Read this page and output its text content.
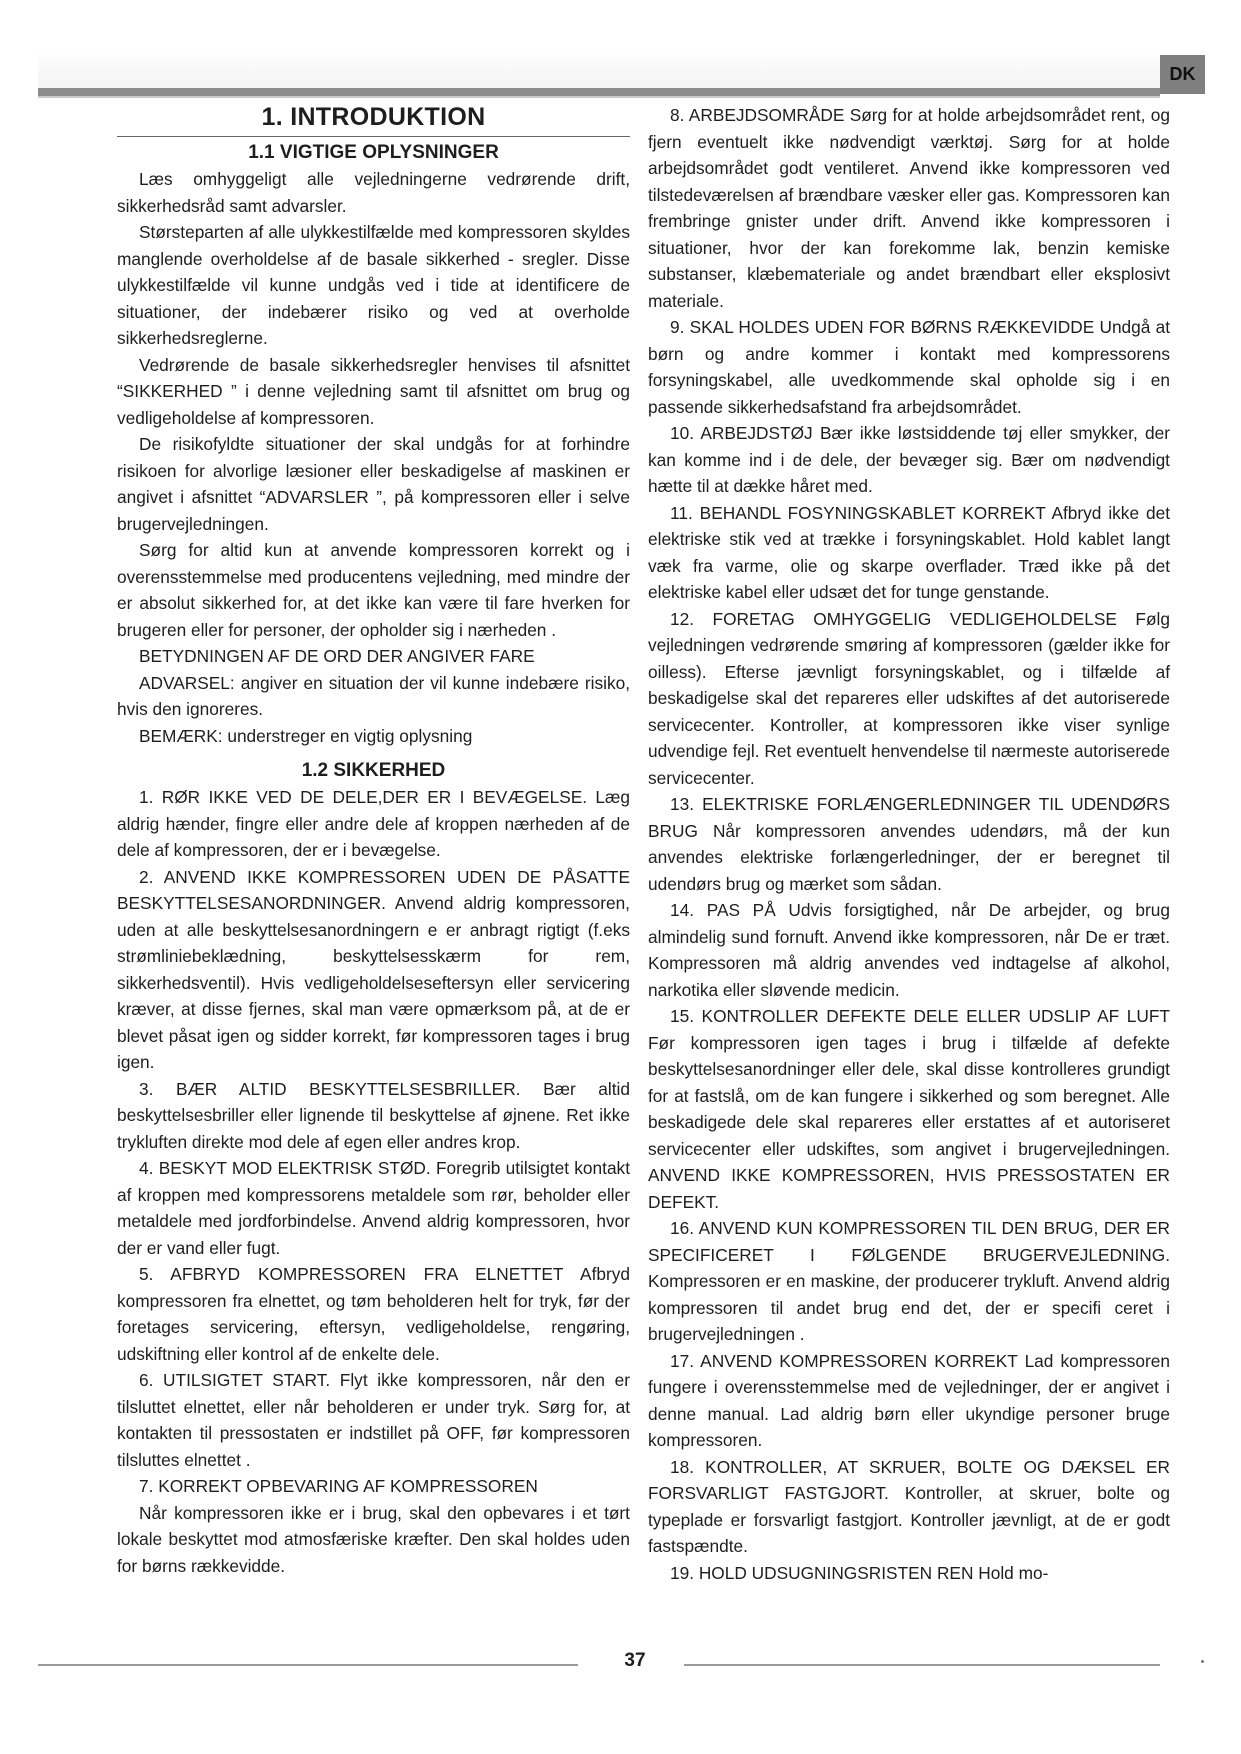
DK
1. INTRODUKTION
1.1 VIGTIGE OPLYSNINGER

Læs omhyggeligt alle vejledningerne vedrørende drift, sikkerhedsråd samt advarsler.

Størsteparten af alle ulykkestilfælde med kompressoren skyldes manglende overholdelse af de basale sikkerhed - sregler. Disse ulykkestilfælde vil kunne undgås ved i tide at identificere de situationer, der indebærer risiko og ved at overholde sikkerhedsreglerne.

Vedrørende de basale sikkerhedsregler henvises til afsnittet “SIKKERHED ” i denne vejledning samt til afsnittet om brug og vedligeholdelse af kompressoren.

De risikofyldte situationer der skal undgås for at forhindre risikoen for alvorlige læsioner eller beskadigelse af maskinen er angivet i afsnittet “ADVARSLER ”, på kompressoren eller i selve brugervejledningen.

Sørg for altid kun at anvende kompressoren korrekt og i overensstemmelse med producentens vejledning, med mindre der er absolut sikkerhed for, at det ikke kan være til fare hverken for brugeren eller for personer, der opholder sig i nærheden .

BETYDNINGEN AF DE ORD DER ANGIVER FARE

ADVARSEL: angiver en situation der vil kunne indebære risiko, hvis den ignoreres.

BEMÆRK: understreger en vigtig oplysning

1.2 SIKKERHED

1. RØR IKKE VED DE DELE,DER ER I BEVÆGELSE. Læg aldrig hænder, fingre eller andre dele af kroppen nærheden af de dele af kompressoren, der er i bevægelse.

2. ANVEND IKKE KOMPRESSOREN UDEN DE PÅSATTE BESKYTTELSESANORDNINGER. Anvend aldrig kompressoren, uden at alle beskyttelsesanordningern e er anbragt rigtigt (f.eks strømliniebeklædning, beskyttelsesskærm for rem, sikkerhedsventil). Hvis vedligeholdelseseftersyn eller servicering kræver, at disse fjernes, skal man være opmærksom på, at de er blevet påsat igen og sidder korrekt, før kompressoren tages i brug igen.

3. BÆR ALTID BESKYTTELSESBRILLER. Bær altid beskyttelsesbriller eller lignende til beskyttelse af øjnene. Ret ikke trykluften direkte mod dele af egen eller andres krop.

4. BESKYT MOD ELEKTRISK STØD. Foregrib utilsigtet kontakt af kroppen med kompressorens metaldele som rør, beholder eller metaldele med jordforbindelse. Anvend aldrig kompressoren, hvor der er vand eller fugt.

5. AFBRYD KOMPRESSOREN FRA ELNETTET Afbryd kompressoren fra elnettet, og tøm beholderen helt for tryk, før der foretages servicering, eftersyn, vedligeholdelse, rengøring, udskiftning eller kontrol af de enkelte dele.

6. UTILSIGTET START. Flyt ikke kompressoren, når den er tilsluttet elnettet, eller når beholderen er under tryk. Sørg for, at kontakten til pressostaten er indstillet på OFF, før kompressoren tilsluttes elnettet .

7. KORREKT OPBEVARING AF KOMPRESSOREN

Når kompressoren ikke er i brug, skal den opbevares i et tørt lokale beskyttet mod atmosfæriske kræfter. Den skal holdes uden for børns rækkevidde.

8. ARBEJDSOMRÅDE Sørg for at holde arbejdsområdet rent, og fjern eventuelt ikke nødvendigt værktøj. Sørg for at holde arbejdsområdet godt ventileret. Anvend ikke kompressoren ved tilstedeværelsen af brændbare væsker eller gas. Kompressoren kan frembringe gnister under drift. Anvend ikke kompressoren i situationer, hvor der kan forekomme lak, benzin kemiske substanser, klæbemateriale og andet brændbart eller eksplosivt materiale.

9. SKAL HOLDES UDEN FOR BØRNS RÆKKEVIDDE Undgå at børn og andre kommer i kontakt med kompressorens forsyningskabel, alle uvedkommende skal opholde sig i en passende sikkerhedsafstand fra arbejdsområdet.

10. ARBEJDSTØJ Bær ikke løstsiddende tøj eller smykker, der kan komme ind i de dele, der bevæger sig. Bær om nødvendigt hætte til at dække håret med.

11. BEHANDL FOSYNINGSKABLET KORREKT Afbryd ikke det elektriske stik ved at trække i forsyningskablet. Hold kablet langt væk fra varme, olie og skarpe overflader. Træd ikke på det elektriske kabel eller udsæt det for tunge genstande.

12. FORETAG OMHYGGELIG VEDLIGEHOLDELSE Følg vejledningen vedrørende smøring af kompressoren (gælder ikke for oilless). Efterse jævnligt forsyningskablet, og i tilfælde af beskadigelse skal det repareres eller udskiftes af det autoriserede servicecenter. Kontroller, at kompressoren ikke viser synlige udvendige fejl. Ret eventuelt henvendelse til nærmeste autoriserede servicecenter.

13. ELEKTRISKE FORLÆNGERLEDNINGER TIL UDENDØRS BRUG Når kompressoren anvendes udendørs, må der kun anvendes elektriske forlængerledninger, der er beregnet til udendørs brug og mærket som sådan.

14. PAS PÅ Udvis forsigtighed, når De arbejder, og brug almindelig sund fornuft. Anvend ikke kompressoren, når De er træt. Kompressoren må aldrig anvendes ved indtagelse af alkohol, narkotika eller sløvende medicin.

15. KONTROLLER DEFEKTE DELE ELLER UDSLIP AF LUFT Før kompressoren igen tages i brug i tilfælde af defekte beskyttelsesanordninger eller dele, skal disse kontrolleres grundigt for at fastslå, om de kan fungere i sikkerhed og som beregnet. Alle beskadigede dele skal repareres eller erstattes af et autoriseret servicecenter eller udskiftes, som angivet i brugervejledningen. ANVEND IKKE KOMPRESSOREN, HVIS PRESSOSTATEN ER DEFEKT.

16. ANVEND KUN KOMPRESSOREN TIL DEN BRUG, DER ER SPECIFICERET I FØLGENDE BRUGERVEJLEDNING. Kompressoren er en maskine, der producerer trykluft. Anvend aldrig kompressoren til andet brug end det, der er specifi ceret i brugervejledningen .

17. ANVEND KOMPRESSOREN KORREKT Lad kompressoren fungere i overensstemmelse med de vejledninger, der er angivet i denne manual. Lad aldrig børn eller ukyndige personer bruge kompressoren.

18. KONTROLLER, AT SKRUER, BOLTE OG DÆKSEL ER FORSVARLIGT FASTGJORT. Kontroller, at skruer, bolte og typeplade er forsvarligt fastgjort. Kontroller jævnligt, at de er godt fastspændte.

19. HOLD UDSUGNINGSRISTEN REN Hold mo-

37
